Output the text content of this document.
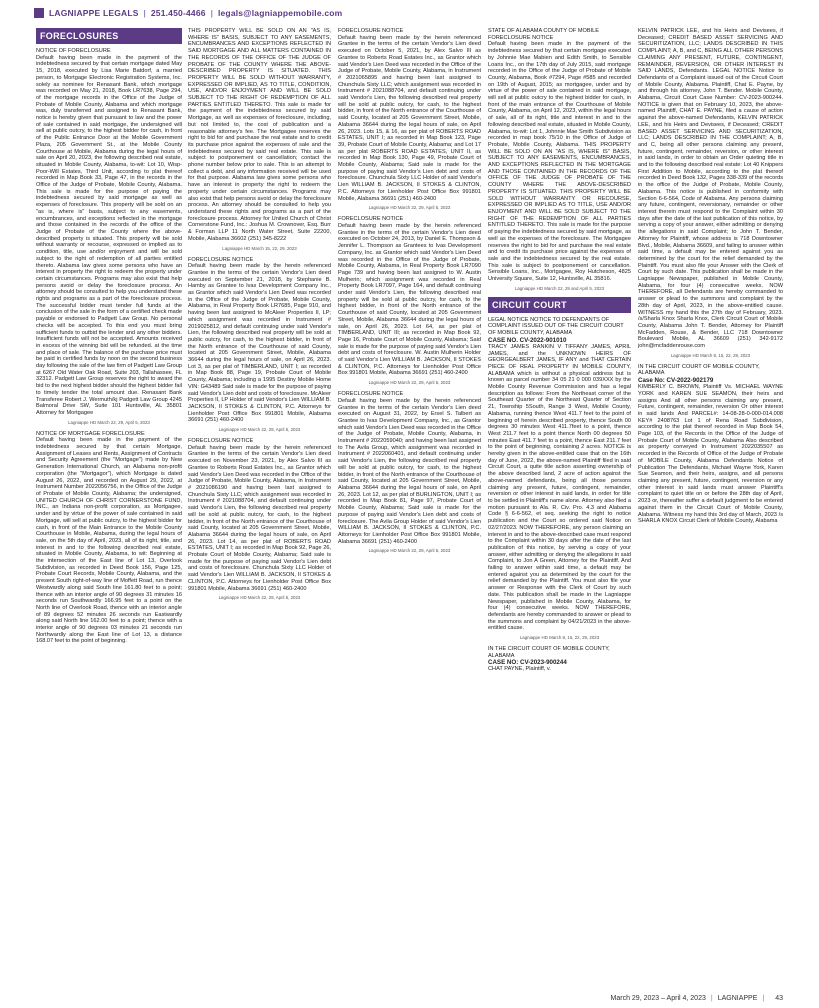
LAGNIAPPE LEGALS | 251.450-4466 | legals@lagniappemobile.com
FORECLOSURES
NOTICE OF FORECLOSURE
Default having been made in the payment of the indebtedness secured by that certain mortgage dated May 15, 2018, executed by Lisa Marie Batdorf, a married person, to Mortgage Electronic Registration Systems, Inc. solely as nominee for Renasant Bank, which mortgage was recorded on May 21, 2018, Book LR7638, Page 294, of the mortgage records in the Office of the Judge of Probate of Mobile County, Alabama and which mortgage was, duly transferred and assigned to Renasant Bank, notice is hereby given that pursuant to law and the power of sale contained in said mortgage, the undersigned will sell at public outcry, to the highest bidder for cash, in front of the Public Entrance Door at the Mobile Government Plaza, 205 Government St., at the Mobile County Courthouse at Mobile, Alabama during the legal hours of sale on April 20, 2023, the following described real estate, situated in Mobile County, Alabama, to-wit: Lot 10, Wisp-Poor-Will Estates, Third Unit, according to plat thereof recorded in Map Book 33, Page 47, in the records in the Office of the Judge of Probate, Mobile County, Alabama. This sale is made for the purpose of paying the indebtedness secured by said mortgage as well as expenses of foreclosure. This property will be sold on an "as is, where is" basis, subject to any easements, encumbrances, and exceptions reflected in the mortgage and those contained in the records of the office of the Judge of Probate of the County where the above-described property is situated. This property will be sold without warranty or recourse, expressed or implied as to condition, title, use and/or enjoyment and will be sold subject to the right of redemption of all parties entitled thereto. Alabama law gives some persons who have an interest in property the right to redeem the property under certain circumstances. Programs may also exist that help persons avoid or delay the foreclosure process. An attorney should be consulted to help you understand these rights and programs as a part of the foreclosure process. The successful bidder must tender full funds at the conclusion of the sale in the form of a certified check made payable or endorsed to Padgett Law Group. No personal checks will be accepted. To this end you must bring sufficient funds to outbid the lender and any other bidders. Insufficient funds will not be accepted. Amounts received in excess of the winning bid will be refunded. at the time and place of sale. The balance of the purchase price must be paid in certified funds by noon on the second business day following the sale of the law firm of Padgett Law Group at 6267 Old Water Oak Road, Suite 203, Tallahassee, FL 32312. Padgett Law Group reserves the right to award the bid to the next highest bidder should the highest bidder fail to timely tender the total amount due. Renasant Bank Transferee Robert J. Wermuth/kj Padgett Law Group 4245 Balmoral Drive SW, Suite 101 Huntsville, AL 35801 Attorney for Mortgagee
Lagniappe HD March 22, 29, April 5, 2023
NOTICE OF MORTGAGE FORECLOSURE
Default having been made in the payment of the indebtedness secured by that certain Mortgage, Assignment of Leases and Rents, Assignment of Contracts and Security Agreement (the "Mortgage") made by New Generation International Church, an Alabama non-profit corporation (the "Mortgagor"), which Mortgage is dated August 26, 2022, and recorded on August 29, 2022, at Instrument Number 2022056756, in the Office of the Judge of Probate of Mobile County, Alabama; the undersigned, UNITED CHURCH OF CHRIST CORNERSTONE FUND, INC., an Indiana non-profit corporation, as Mortgagee, under and by virtue of the power of sale contained in said Mortgage, will sell at public outcry, to the highest bidder for cash, in front of the Main Entrance to the Mobile County Courthouse in Mobile, Alabama, during the legal hours of sale, on the 5th day of April, 2023, all of its right, title, and interest in and to the following described real estate, situated in Mobile County, Alabama, to wit: Beginning at the intersection of the East line of Lot 13, Overlook Subdivision, as recorded in Deed Book 156, Page 125, Probate Court Records, Mobile County, Alabama, and the present South right-of-way line of Moffett Road, run thence Westwardly along said South line 161.80 feet to a point; thence with an interior angle of 90 degrees 31 minutes 16 seconds run Southwardly 166.95 feet to a point on the North line of Overlook Road, thence with an interior angle of 89 degrees 52 minutes 26 seconds run Eastwardly along said North line 162.00 feet to a point; thence with a interior angle of 90 degrees 03 minutes 21 seconds run Northwardly along the East line of Lot 13, a distance 168.07 feet to the point of beginning.
THIS PROPERTY WILL BE SOLD ON AN "AS IS, WHERE IS" BASIS, SUBJECT TO ANY EASEMENTS, ENCUMBRANCES AND EXCEPTIONS REFLECTED IN SAID MORTGAGE AND ALL MATTERS CONTAINED IN THE RECORDS OF THE OFFICE OF THE JUDGE OF PROBATE OF THE COUNTY WHERE THE ABOVE-DESCRIBED PROPERTY IS SITUATED. THIS PROPERTY WILL BE SOLD WITHOUT WARRANTY, EXPRESSED OR IMPLIED, AS TO TITLE, CONDITION, USE, AND/OR ENJOYMENT AND WILL BE SOLD SUBJECT TO THE RIGHT OF REDEMPTION OF ALL PARTIES ENTITLED THERETO. This sale is made for the payment of the indebtedness secured by said Mortgage, as well as expenses of foreclosure, including, but not limited to, the cost of publication and a reasonable attorney's fee. The Mortgagee reserves the right to bid for and purchase the real estate and to credit its purchase price against the expenses of sale and the indebtedness secured by said real estate. This sale is subject to postponement or cancellation; contact the phone number below prior to sale. This is an attempt to collect a debt, and any information received will be used for that purpose. Alabama law gives some persons who have an interest in property the right to redeem the property under certain circumstances. Programs may also exist that help persons avoid or delay the foreclosure process. An attorney should be consulted to help you understand these rights and programs as a part of the foreclosure process. Attorney for United Church of Christ Cornerstone Fund, Inc.: Joshua M. Crownover, Esq. Burr & Forman LLP 11 North Water Street, Suite 22200, Mobile, Alabama 36602 (251) 345-8222
Lagniappe HD March 15, 22, 29, 2023
FORECLOSURE NOTICE
Default having been made by the herein referenced Grantee in the terms of the certain Vendor's Lien deed executed on September 21, 2018, by Stephanie B. Hamby as Grantee to Ivas Development Company Inc., as Grantor which said Vendor's Lien Deed was recorded in the Office of the Judge of Probate, Mobile County, Alabama, in Real Property Book LR7685, Page 910, and having been last assigned to McAleer Properties II, LP; which assignment was recorded in Instrument # 2019025812, and default continuing under said Vendor's Lien, the following described real property will be sold at public outcry, for cash, to the highest bidder, in front of the North entrance of the Courthouse of said County, located at 205 Government Street, Mobile, Alabama 36644 during the legal hours of sale, on April 26, 2023. Lot 3, as per plat of TIMBERLAND, UNIT I; as recorded in Map Book 88, Page 19, Probate Court of Mobile County, Alabama; including a 1995 Destiny Mobile Home VIN: G43489 Said sale is made for the purpose of paying said Vendor's Lien debt and costs of foreclosure. McAleer Properties II, LP Holder of said Vendor's Lien WILLIAM B. JACKSON, II STOKES & CLINTON, P.C. Attorneys for Lienholder Post Office Box 991801 Mobile, Alabama 36691 (251) 460-2400
Lagniappe HD March 22, 29, April 5, 2023
FORECLOSURE NOTICE
Default having been made by the herein referenced Grantee in the terms of the certain Vendor's Lien deed executed on November 23, 2021, by Alex Salvo III as Grantee to Roberts Road Estates Inc., as Grantor which said Vendor's Lien Deed was recorded in the Office of the Judge of Probate, Mobile County, Alabama, in Instrument # 2021086190 and having been last assigned to Chunchula Sixty LLC; which assignment was recorded in Instrument # 2021088704, and default continuing under said Vendor's Lien, the following described real property will be sold at public outcry, for cash, to the highest bidder, in front of the North entrance of the Courthouse of said County, located at 205 Government Street, Mobile, Alabama 36644 during the legal hours of sale, on April 26, 2023. Lot 14, as per plat of ROBERTS ROAD ESTATES, UNIT I; as recorded in Map Book 92, Page 26, Probate Court of Mobile County, Alabama; Said sale is made for the purpose of paying said Vendor's Lien debt and costs of foreclosure. Chunchula Sixty LLC Holder of said Vendor's Lien WILLIAM B. JACKSON, II STOKES & CLINTON, P.C. Attorneys for Lienholder Post Office Box 991801 Mobile, Alabama 36691 (251) 460-2400
Lagniappe HD March 22, 29, April 5, 2023
FORECLOSURE NOTICE
Default having been made by the herein referenced Grantee in the terms of the certain Vendor's Lien deed executed on October 5, 2021, by Alex Salvo III as Grantee to Roberts Road Estates Inc., as Grantor which said Vendor's Lien Deed was recorded in the Office of the Judge of Probate, Mobile County, Alabama, in Instrument # 2021065895 and having been last assigned to Chunchula Sixty LLC; which assignment was recorded in Instrument # 2021088704, and default continuing under said Vendor's Lien, the following described real property will be sold at public outcry, for cash, to the highest bidder, in front of the North entrance of the Courthouse of said County, located at 205 Government Street, Mobile, Alabama 36644 during the legal hours of sale, on April 26, 2023. Lots 15, & 16, as per plat of ROBERTS ROAD ESTATES, UNIT I; as recorded in Map Book 123, Page 39, Probate Court of Mobile County, Alabama; and Lot 17 as per plat ROBERTS ROAD ESTATES, UNIT II, as recorded in Map Book 130, Page 49, Probate Court of Mobile County, Alabama; Said sale is made for the purpose of paying said Vendor's Lien debt and costs of foreclosure. Chunchula Sixty LLC Holder of said Vendor's Lien WILLIAM B. JACKSON, II STOKES & CLINTON, P.C. Attorneys for Lienholder Post Office Box 991801 Mobile, Alabama 36691 (251) 460-2400
Lagniappe HD March 22, 29, April 5, 2023
FORECLOSURE NOTICE
Default having been made by the herein referenced Grantee in the terms of the certain Vendor's Lien deed executed on October 24, 2013, by Daniel E. Thompson & Jennifer L. Thompson as Grantees to Ivas Development Company, Inc. as Grantor which said Vendor's Lien Deed was recorded in the Office of the Judge of Probate, Mobile County, Alabama, in Real Property Book LR7090 Page 739 and having been last assigned to W. Austin Mulherin; which assignment was recorded in Real Property Book LR7097, Page 164, and default continuing under said Vendor's Lien, the following described real property will be sold at public outcry, for cash, to the highest bidder, in front of the North entrance of the Courthouse of said County, located at 205 Government Street, Mobile, Alabama 36644 during the legal hours of sale, on April 26, 2023. Lot 64, as per plat of TIMBERLAND, UNIT III; as recorded in Map Book 92, Page 16, Probate Court of Mobile County, Alabama; Said sale is made for the purpose of paying said Vendor's Lien debt and costs of foreclosure. W. Austin Mulherin Holder of said Vendor's Lien WILLIAM B. JACKSON, II STOKES & CLINTON, P.C. Attorneys for Lienholder Post Office Box 991801 Mobile, Alabama 36691 (251) 460-2400
Lagniappe HD March 22, 29, April 5, 2023
FORECLOSURE NOTICE
Default having been made by the herein referenced Grantee in the terms of the certain Vendor's Lien deed executed on August 31, 2022, by Ersel S. Talbert as Grantee to Ivas Development Company, Inc., as Grantor which said Vendor's Lien Deed was recorded in the Office of the Judge of Probate, Mobile County, Alabama, in Instrument # 2022059040; and having been last assigned to The Avila Group, which assignment was recorded in Instrument # 2022060401, and default continuing under said Vendor's Lien, the following described real property will be sold at public outcry, for cash, to the highest bidder, in front of the North entrance of the Courthouse of said County, located at 205 Government Street, Mobile, Alabama 36644 during the legal hours of sale, on April 26, 2023. Lot 12, as per plat of BURLINGTON, UNIT I; as recorded in Map Book 81, Page 97, Probate Court of Mobile County, Alabama; Said sale is made for the purpose of paying said Vendor's Lien debt and costs of foreclosure. The Avila Group Holder of said Vendor's Lien WILLIAM B. JACKSON, II STOKES & CLINTON, P.C. Attorneys for Lienholder Post Office Box 991801 Mobile, Alabama 36691 (251) 460-2400
Lagniappe HD March 22, 29, April 5, 2023
STATE OF ALABAMA COUNTY OF MOBILE FORECLOSURE NOTICE
Default having been made in the payment of the indebtedness secured by that certain mortgage executed by Johnnie Mae Mabien and Edith Smith, to Sensible Loans Inc., on the 17th day of July 2015, said mortgage recorded in the Office of the Judge of Probate of Mobile County, Alabama, Book #7294, Page #585 and recorded on 19th of August, 2015; as mortgagee, under and by virtue of the power of sale contained in said mortgage, will sell at public outcry to the highest bidder for cash, in front of the main entrance of the Courthouse of Mobile County, Alabama, on April 12, 2023, within the legal hours of sale, all of its right, title and interest in and to the following described real estate, situated in Mobile County, Alabama, to-wit: Lot 1, Johnnie Mae Smith Subdivision as recorded in map book 75/10 in the Office of Judge of Probate, Mobile County, Alabama. THIS PROPERTY WILL BE SOLD ON AN "AS IS, WHERE IS" BASIS, SUBJECT TO ANY EASEMENTS, ENCUMBRANCES, AND EXCEPTIONS REFLECTED IN THE MORTGAGE AND THOSE CONTAINED IN THE RECORDS OF THE OFFICE OF THE JUDGE OF PROBATE OF THE COUNTY WHERE THE ABOVE-DESCRIBED PROPERTY IS SITUATED. THIS PROPERTY WILL BE SOLD WITHOUT WARRANTY OR RECOURSE, EXPRESSED OR IMPLIED AS TO TITLE, USE AND/OR ENJOYMENT AND WILL BE SOLD SUBJECT TO THE RIGHT OF THE REDEMPTION OF ALL PARTIES ENTITLED THERETO. This sale is made for the purpose of paying the indebtedness secured by said mortgage, as well as the expenses of the foreclosure. The Mortgagee reserves the right to bid for and purchase the real estate and to credit its purchase price against the expenses of sale and the indebtedness secured by the real estate. This sale is subject to postponement or cancellation. Sensible Loans, Inc., Mortgagee, Roy Hutcheson, 4825 University Square, Suite 12, Huntsville, AL 35816.
Lagniappe HD March 22, 29 and April 5, 2023
CIRCUIT COURT
LEGAL NOTICE NOTICE TO DEFENDANTS OF COMPLAINT ISSUED OUT OF THE CIRCUIT COURT OF MOBILE COUNTY, ALABAMA
CASE NO. CV-2022-901010
TRACY JAMES RANKIN V TIFFANY JAMES, APRIL JAMES, and the UNKNOWN HEIRS OF GEORGEALBERT JAMES, IF ANY and THAT CERTAIN PIECE OF REAL PROPERTY IN MOBILE COUNTY, ALABAMA which is without a physical address but is known as parcel number 34 05 21 0 000 039XXX by the Mobile County Revenue Commission and has a legal description as follows: From the Northeast corner of the Southeast Quarter of the Northeast Quarter of Section 21, Township 5South, Range 3 West, Mobile County, Alabama, running thence West 411.7 feet to the point of beginning of herein described property, thence South 00 degrees 30 minutes West 411.7feet to a point, thence West 211.7 feet to a point thence North 00 degrees 50 minutes East 411.7 feet to a point, thence East 211.7 feet to the point of beginning, containing 2 acres. NOTICE is hereby given in the above-entitled case that on the 16th day of June, 2022, the above-named Plaintiff filed in said Circuit Court, a quite title action asserting ownership of the above described land, 2 acre of action against the above-named defendants, being all those persons claiming any present, future, contingent, remainder, reversion or other interest in said lands, in order for title to be settled in Plaintiff's name alone. Attorney also filed a motion pursuant to Ala. R. Civ. Pro. 4.3 and Alabama Code § 6-6-562, et seq. seeking the right to notice publication and the Court so ordered said Notice on 02/27/2023. NOW THEREFORE, any person claiming an interest in and to the above-described case must respond to the Complaint within 30 days after the date of the last publication of this notice, by serving a copy of your answer, either admitting or denying the allegations in said Complaint, to Jon A Green, Attorney for the Plaintiff. And failing to answer within said time, a default may be entered against you as determined by the court for the relief demanded by the Plaintiff. You must also file your answer or Response with the Clerk of Court by such date. This publication shall be made in the Lagniappe Newspaper, published in Mobile County, Alabama, for four (4) consecutive weeks. NOW THEREFORE, defendants are hereby commanded to answer or plead to the summons and complaint by 04/21/2023 in the above-entitled cause.
Lagniappe HD March 8, 15, 22, 29, 2023
IN THE CIRCUIT COURT OF MOBILE COUNTY, ALABAMA
CASE NO: CV-2023-900244
CHAT PAYNE, Plaintiff, v.
KELVIN PATRICK LEE, and his Heirs and Devisees, if Deceased; CREDIT BASED ASSET SERVICING AND SECURITIZATION, LLC; LANDS DESCRIBED IN THIS COMPLAINT; A, B, and C, BEING ALL OTHER PERSONS CLAIMING ANY PRESENT, FUTURE, CONTINGENT, REMAINDER, REVERSION, OR OTHER INTEREST IN SAID LANDS, Defendants. LEGAL NOTICE Notice to Defendants of a Complaint issued out of the Circuit Court of Mobile County, Alabama. Plaintiff, Chat E. Payne, by and through his attorney, John T. Bender. Mobile County, Alabama, Circuit Court Case Number: CV-2023-900244. NOTICE is given that on February 10, 2023, the above-named Plaintiff, CHAT E. PAYNE, filed a cause of action against the above-named Defendants, KELVIN PATRICK LEE, and his Heirs and Devisees, if Deceased; CREDIT BASED ASSET SERVICING AND SECURITIZATION, LLC; LANDS DESCRIBED IN THE COMPLAINT; A, B, and C, being all other persons claiming any present, future, contingent, remainder, reversion, or other interest in said lands, in order to obtain an Order quieting title in and to the following described real estate: Lot 40 Knippers First Addition to Mobile, according to the plat thereof recorded in Deed Book 132, Pages 338-339 of the records in the office of the Judge of Probate, Mobile County, Alabama. This notice is published in conformity with Section 6-6-564, Code of Alabama. Any persons claiming any future, contingent, reversionary, remainder or other interest therein must respond to the Complaint within 30 days after the date of the last publication of this notice, by serving a copy of your answer, either admitting or denying the allegations in said Complaint; to John T. Bender, Attorney for Plaintiff, whose address is 718 Downtowner Blvd., Mobile, Alabama 36609, and failing to answer within said time, a default may be entered against you as determined by the court for the relief demanded by the Plaintiff. You must also file your Answer with the Clerk of Court by such date. This publication shall be made in the Lagniappe Newspaper, published in Mobile County, Alabama, for four (4) consecutive weeks. NOW THEREFORE, all Defendants are hereby commanded to answer or plead to the summons and complaint by the 28th day of April, 2023, in the above-entitled cause. WITNESS my hand this the 27th day of February, 2023. /s/Sharla Knox Sharla Knox, Clerk Circuit Court of Mobile County, Alabama John T. Bender, Attorney for Plaintiff McFadden, Rouse, & Bender, LLC 718 Downtowner Boulevard Mobile, AL 36609 (251) 342-9172 john@mcfaddenrouse.com
Lagniappe HD March 8, 15, 22, 29, 2023
IN THE CIRCUIT COURT OF MOBILE COUNTY, ALABAMA
Case No: CV-2022-902179
KIMBERLY C. BROWN, Plaintiff Vs. MICHAEL WAYNE YORK and KAREN SUE SEAMON, their heirs and assigns And all other persons claiming any present, Future, contingent, remainder, reversion Or other interest in said lands And PARCEL#: 14-08-28-0-000-014.008 KEY# 2408763 Lot 1 of Rena Road Subdivision, according to the plat thereof recorded in Map Book 54, Page 103, of the Records in the Office of the Judge of Probate Court of Mobile County, Alabama Also described as property conveyed in Instrument 2022035507 as recorded in the Records of Office of the Judge of Probate of MOBILE County, Alabama Defendants Notice of Publication The Defendants, Michael Wayne York, Karen Sue Seamon, and their heirs, assigns, and all persons claiming any present, future, contingent, reversion or any other interest in said lands must answer Plaintiff's complaint to quiet title on or before the 28th day of April, 2023 or, thereafter suffer a default judgment to be entered against them in the Circuit Court of Mobile County, Alabama. Witness my hand this 3rd day of March, 2023 /s SHARLA KNOX Circuit Clerk of Mobile County, Alabama
March 29, 2023 – April 4, 2023 | LAGNIAPPE | 43
